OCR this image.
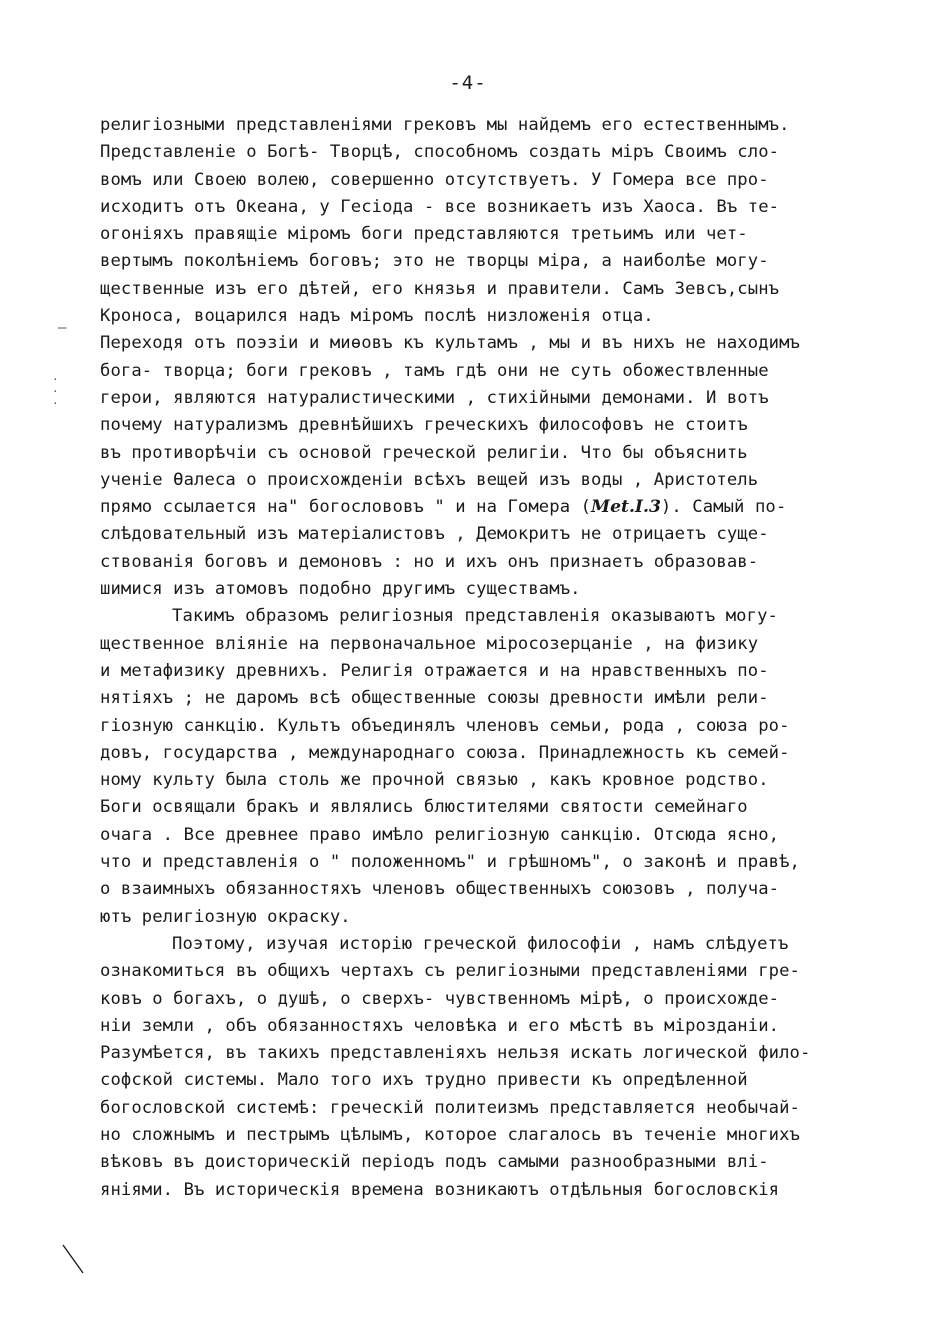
-4-
–
·
·
·
религіозными представленіями грековъ мы найдемъ его естественнымъ.
Представленіе о Богѣ- Творцѣ, способномъ создать міръ Своимъ сло-
вомъ или Своею волею, совершенно отсутствуетъ. У Гомера все про-
исходитъ отъ Океана, у Гесіода - все возникаетъ изъ Хаоса. Въ те-
огоніяхъ правящіе міромъ боги представляются третьимъ или чет-
вертымъ поколѣніемъ боговъ; это не творцы міра, а наиболѣе могу-
щественные изъ его дѣтей, его князья и правители. Самъ Зевсъ,сынъ
Кроноса, воцарился надъ міромъ послѣ низложенія отца.
Переходя отъ поэзіи и миѳовъ къ культамъ , мы и въ нихъ не находимъ
бога- творца; боги грековъ , тамъ гдѣ они не суть обожествленные
герои, являются натуралистическими , стихійными демонами. И вотъ
почему натурализмъ древнѣйшихъ греческихъ философовъ не стоитъ
въ противорѣчіи съ основой греческой религіи. Что бы объяснить
ученіе Ѳалеса о происхожденіи всѣхъ вещей изъ воды , Аристотель
прямо ссылается на" богослововъ " и на Гомера (Met.I.3). Самый по-
слѣдовательный изъ матеріалистовъ , Демокритъ не отрицаетъ суще-
ствованія боговъ и демоновъ : но и ихъ онъ признаетъ образовав-
шимися изъ атомовъ подобно другимъ существамъ.
Такимъ образомъ религіозныя представленія оказываютъ могу-
щественное вліяніе на первоначальное міросозерцаніе , на физику
и метафизику древнихъ. Религія отражается и на нравственныхъ по-
нятіяхъ ; не даромъ всѣ общественные союзы древности имѣли рели-
гіозную санкцію. Культъ объединялъ членовъ семьи, рода , союза ро-
довъ, государства , международнаго союза. Принадлежность къ семей-
ному культу была столь же прочной связью , какъ кровное родство.
Боги освящали бракъ и являлись блюстителями святости семейнаго
очага . Все древнее право имѣло религіозную санкцію. Отсюда ясно,
что и представленія о " положенномъ" и грѣшномъ", о законѣ и правѣ,
о взаимныхъ обязанностяхъ членовъ общественныхъ союзовъ , получа-
ютъ религіозную окраску.
Поэтому, изучая исторію греческой философіи , намъ слѣдуетъ
ознакомиться въ общихъ чертахъ съ религіозными представленіями гре-
ковъ о богахъ, о душѣ, о сверхъ- чувственномъ мірѣ, о происхожде-
ніи земли , объ обязанностяхъ человѣка и его мѣстѣ въ мірозданіи.
Разумѣется, въ такихъ представленіяхъ нельзя искать логической фило-
софской системы. Мало того ихъ трудно привести къ опредѣленной
богословской системѣ: греческій политеизмъ представляется необычай-
но сложнымъ и пестрымъ цѣлымъ, которое слагалось въ теченіе многихъ
вѣковъ въ доисторическій періодъ подъ самыми разнообразными влі-
яніями. Въ историческія времена возникаютъ отдѣльныя богословскія
